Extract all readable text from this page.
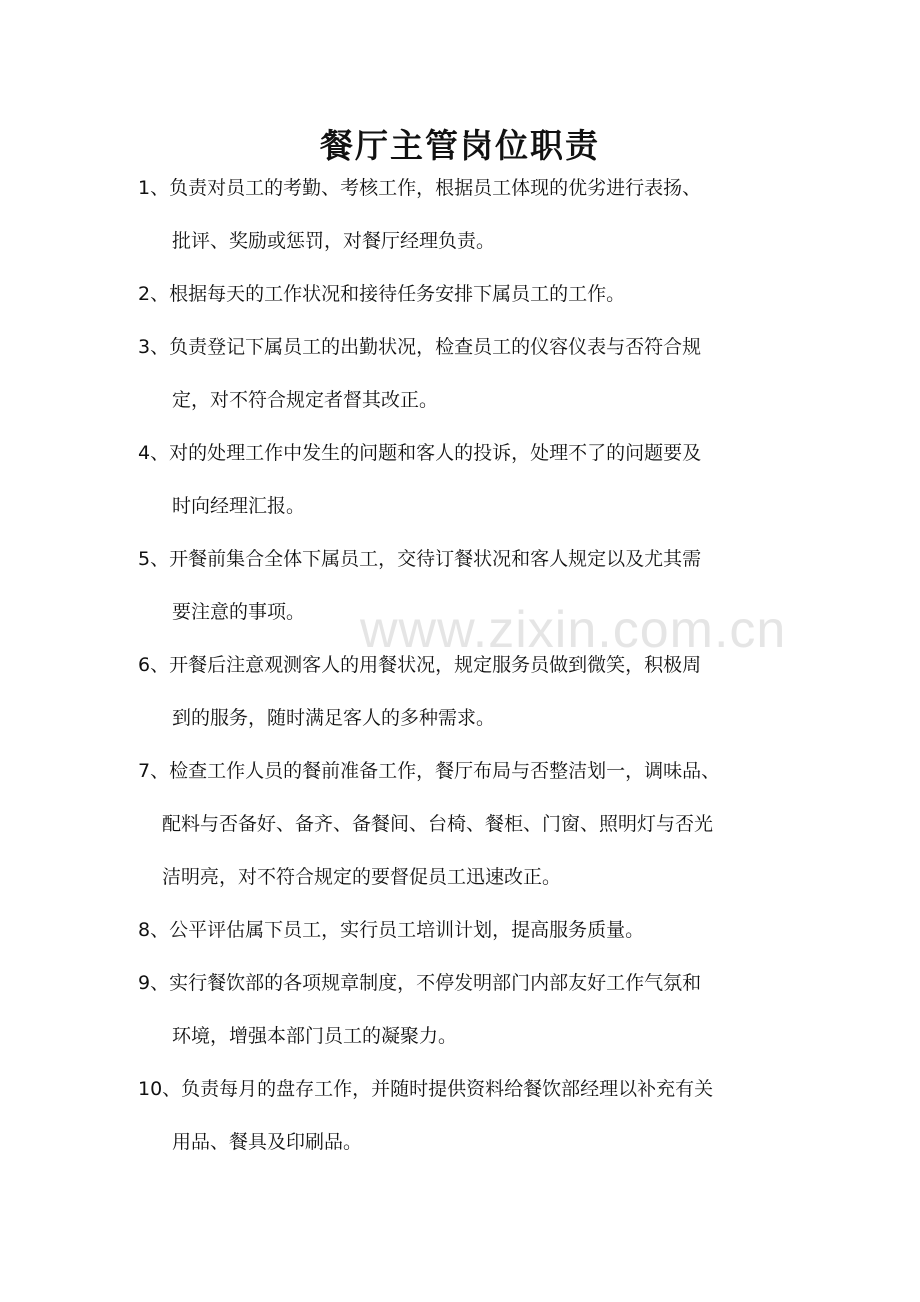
餐厅主管岗位职责
1、负责对员工的考勤、考核工作，根据员工体现的优劣进行表扬、
批评、奖励或惩罚，对餐厅经理负责。
2、根据每天的工作状况和接待任务安排下属员工的工作。
3、负责登记下属员工的出勤状况，检查员工的仪容仪表与否符合规
定，对不符合规定者督其改正。
4、对的处理工作中发生的问题和客人的投诉，处理不了的问题要及
时向经理汇报。
5、开餐前集合全体下属员工，交待订餐状况和客人规定以及尤其需
要注意的事项。
6、开餐后注意观测客人的用餐状况，规定服务员做到微笑，积极周
到的服务，随时满足客人的多种需求。
7、检查工作人员的餐前准备工作，餐厅布局与否整洁划一，调味品、
配料与否备好、备齐、备餐间、台椅、餐柜、门窗、照明灯与否光
洁明亮，对不符合规定的要督促员工迅速改正。
8、公平评估属下员工，实行员工培训计划，提高服务质量。
9、实行餐饮部的各项规章制度，不停发明部门内部友好工作气氛和
环境，增强本部门员工的凝聚力。
10、负责每月的盘存工作，并随时提供资料给餐饮部经理以补充有关
用品、餐具及印刷品。
www.zixin.com.cn
